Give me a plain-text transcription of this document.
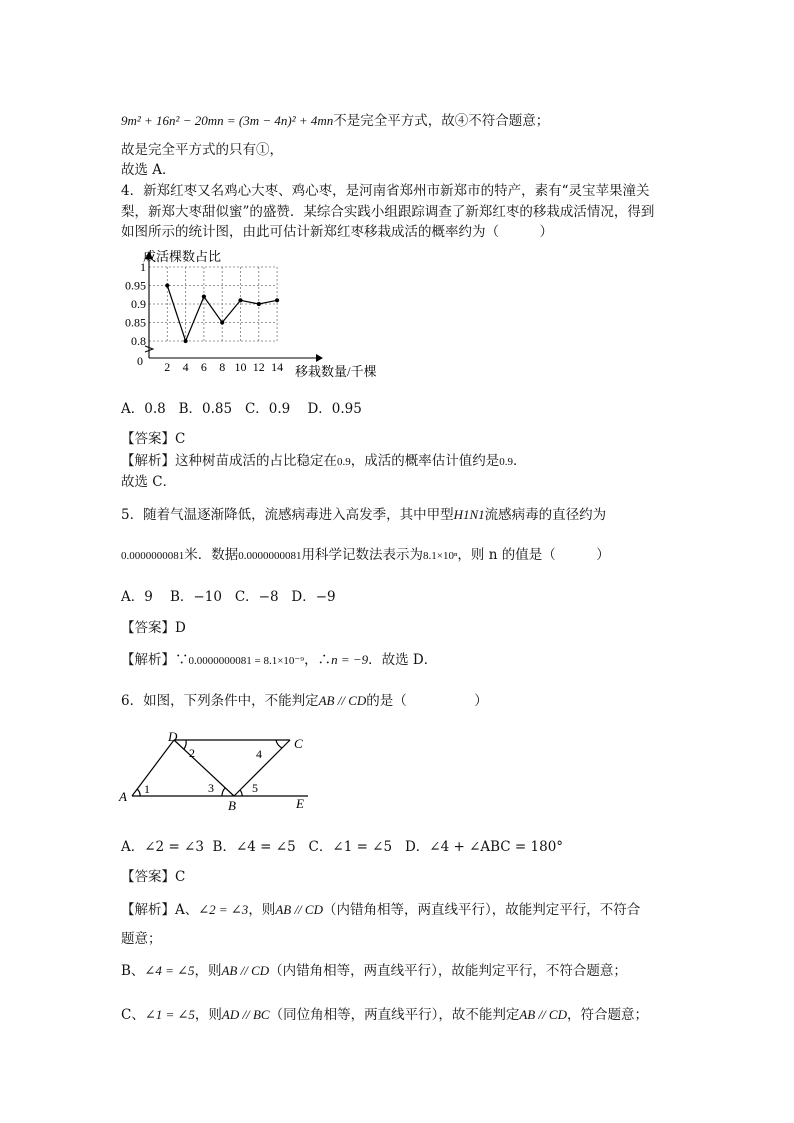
9m² + 16n² − 20mn = (3m − 4n)² + 4mn不是完全平方式，故④不符合题意；
故是完全平方式的只有①，
故选 A．
4．新郑红枣又名鸡心大枣、鸡心枣，是河南省郑州市新郑市的特产，素有“灵宝苹果潼关
梨，新郑大枣甜似蜜”的盛赞．某综合实践小组跟踪调查了新郑红枣的移栽成活情况，得到
如图所示的统计图，由此可估计新郑红枣移栽成活的概率约为（　　　）
0.8
0.85
0.9
0.95
1
2 4 6 8 10 12 14
成活棵数占比
移栽数量/千棵
0
A．0.8 B．0.85 C．0.9 D．0.95
【答案】C
【解析】这种树苗成活的占比稳定在0.9，成活的概率估计值约是0.9．
故选 C．
5．随着气温逐渐降低，流感病毒进入高发季，其中甲型H1N1流感病毒的直径约为
0.0000000081米．数据0.0000000081用科学记数法表示为8.1×10ⁿ，则 n 的值是（　　　）
A．9 B．−10 C．−8 D．−9
【答案】D
【解析】∵0.0000000081 = 8.1×10⁻⁹，∴n = −9．故选 D．
6．如图，下列条件中，不能判定AB // CD的是（　　　　　）
D	C
A
B	E
1
2
3
4
5
A．∠2 = ∠3 B．∠4 = ∠5 C．∠1 = ∠5 D．∠4 + ∠ABC = 180°
【答案】C
【解析】A、∠2 = ∠3，则AB // CD（内错角相等，两直线平行），故能判定平行，不符合
题意；
B、∠4 = ∠5，则AB // CD（内错角相等，两直线平行），故能判定平行，不符合题意；
C、∠1 = ∠5，则AD // BC（同位角相等，两直线平行），故不能判定AB // CD，符合题意；
